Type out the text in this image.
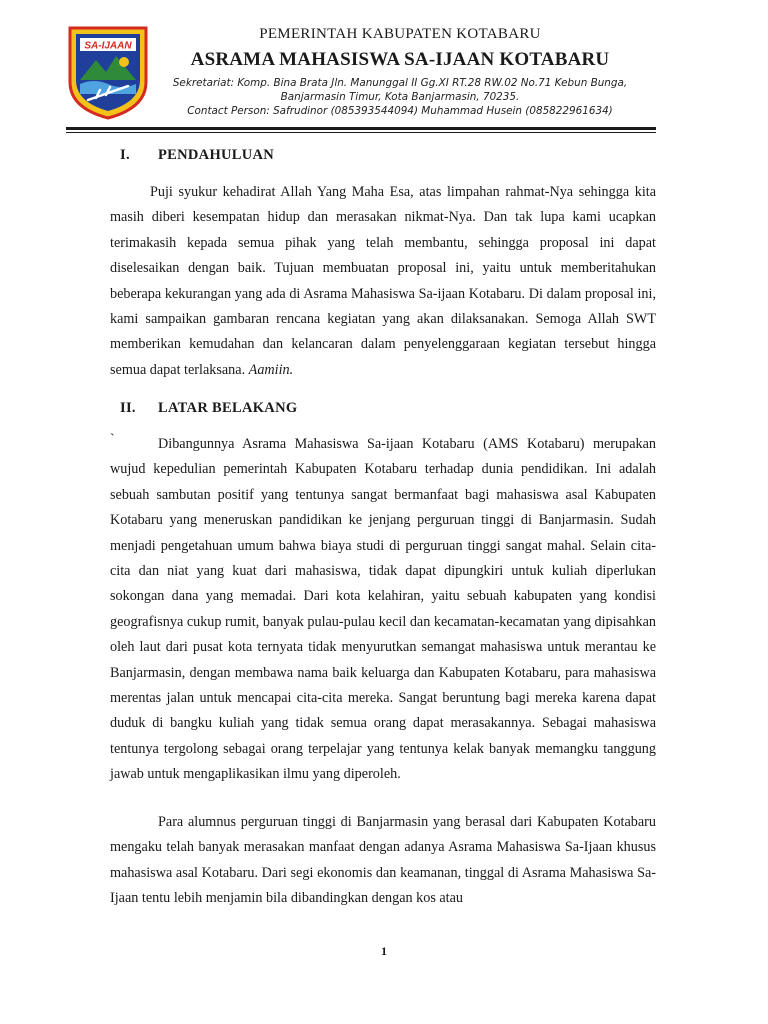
SA-IJAAN
PEMERINTAH KABUPATEN KOTABARU
ASRAMA MAHASISWA SA-IJAAN KOTABARU
Sekretariat: Komp. Bina Brata Jln. Manunggal II Gg.XI RT.28 RW.02 No.71 Kebun Bunga,
Banjarmasin Timur, Kota Banjarmasin, 70235.
Contact Person: Safrudinor (085393544094) Muhammad Husein (085822961634)
I. PENDAHULUAN

Puji syukur kehadirat Allah Yang Maha Esa, atas limpahan rahmat-Nya sehingga kita masih diberi kesempatan hidup dan merasakan nikmat-Nya. Dan tak lupa kami ucapkan terimakasih kepada semua pihak yang telah membantu, sehingga proposal ini dapat diselesaikan dengan baik. Tujuan membuatan proposal ini, yaitu untuk memberitahukan beberapa kekurangan yang ada di Asrama Mahasiswa Sa-ijaan Kotabaru. Di dalam proposal ini, kami sampaikan gambaran rencana kegiatan yang akan dilaksanakan. Semoga Allah SWT memberikan kemudahan dan kelancaran dalam penyelenggaraan kegiatan tersebut hingga semua dapat terlaksana. Aamiin.

II. LATAR BELAKANG
`	Dibangunnya Asrama Mahasiswa Sa-ijaan Kotabaru (AMS Kotabaru) merupakan wujud kepedulian pemerintah Kabupaten Kotabaru terhadap dunia pendidikan. Ini adalah sebuah sambutan positif yang tentunya sangat bermanfaat bagi mahasiswa asal Kabupaten Kotabaru yang meneruskan pandidikan ke jenjang perguruan tinggi di Banjarmasin. Sudah menjadi pengetahuan umum bahwa biaya studi di perguruan tinggi sangat mahal. Selain cita-cita dan niat yang kuat dari mahasiswa, tidak dapat dipungkiri untuk kuliah diperlukan sokongan dana yang memadai. Dari kota kelahiran, yaitu sebuah kabupaten yang kondisi geografisnya cukup rumit, banyak pulau-pulau kecil dan kecamatan-kecamatan yang dipisahkan oleh laut dari pusat kota ternyata tidak menyurutkan semangat mahasiswa untuk merantau ke Banjarmasin, dengan membawa nama baik keluarga dan Kabupaten Kotabaru, para mahasiswa merentas jalan untuk mencapai cita-cita mereka. Sangat beruntung bagi mereka karena dapat duduk di bangku kuliah yang tidak semua orang dapat merasakannya. Sebagai mahasiswa tentunya tergolong sebagai orang terpelajar yang tentunya kelak banyak memangku tanggung jawab untuk mengaplikasikan ilmu yang diperoleh.

Para alumnus perguruan tinggi di Banjarmasin yang berasal dari Kabupaten Kotabaru mengaku telah banyak merasakan manfaat dengan adanya Asrama Mahasiswa Sa-Ijaan khusus mahasiswa asal Kotabaru. Dari segi ekonomis dan keamanan, tinggal di Asrama Mahasiswa Sa-Ijaan tentu lebih menjamin bila dibandingkan dengan kos atau

1
